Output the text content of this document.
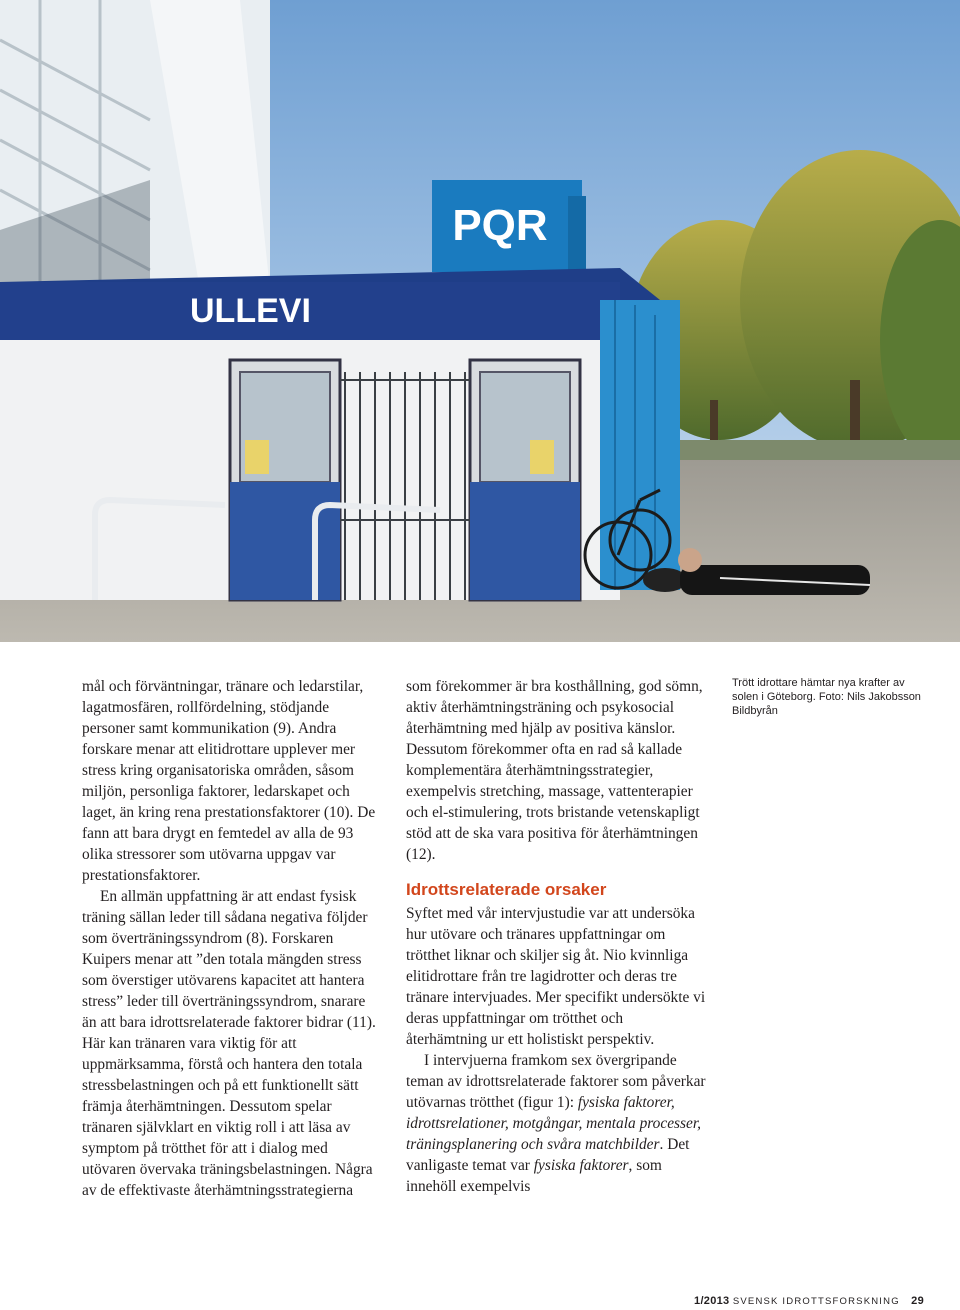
PQR
ULLEVI

mål och förväntningar, tränare och ledarstilar, lagatmosfären, rollfördelning, stödjande personer samt kommunikation (9). Andra forskare menar att elitidrottare upplever mer stress kring organisatoriska områden, såsom miljön, personliga faktorer, ledarskapet och laget, än kring rena prestationsfaktorer (10). De fann att bara drygt en femtedel av alla de 93 olika stressorer som utövarna uppgav var prestationsfaktorer.

En allmän uppfattning är att endast fysisk träning sällan leder till sådana negativa följder som överträningssyndrom (8). Forskaren Kuipers menar att ”den totala mängden stress som överstiger utövarens kapacitet att hantera stress” leder till överträningssyndrom, snarare än att bara idrottsrelaterade faktorer bidrar (11). Här kan tränaren vara viktig för att uppmärksamma, förstå och hantera den totala stressbelastningen och på ett funktionellt sätt främja återhämtningen. Dessutom spelar tränaren självklart en viktig roll i att läsa av symptom på trötthet för att i dialog med utövaren övervaka träningsbelastningen. Några av de effektivaste återhämtningsstrategierna

som förekommer är bra kosthållning, god sömn, aktiv återhämtningsträning och psykosocial återhämtning med hjälp av positiva känslor. Dessutom förekommer ofta en rad så kallade komplementära återhämtningsstrategier, exempelvis stretching, massage, vattenterapier och el-stimulering, trots bristande vetenskapligt stöd att de ska vara positiva för återhämtningen (12).

Idrottsrelaterade orsaker

Syftet med vår intervjustudie var att undersöka hur utövare och tränares uppfattningar om trötthet liknar och skiljer sig åt. Nio kvinnliga elitidrottare från tre lagidrotter och deras tre tränare intervjuades. Mer specifikt undersökte vi deras uppfattningar om trötthet och återhämtning ur ett holistiskt perspektiv.

I intervjuerna framkom sex övergripande teman av idrottsrelaterade faktorer som påverkar utövarnas trötthet (figur 1): fysiska faktorer, idrottsrelationer, motgångar, mentala processer, träningsplanering och svåra matchbilder. Det vanligaste temat var fysiska faktorer, som innehöll exempelvis

Trött idrottare hämtar nya krafter av solen i Göteborg. Foto: Nils Jakobsson Bildbyrån
1/2013 SVENSK IDROTTSFORSKNING 29
